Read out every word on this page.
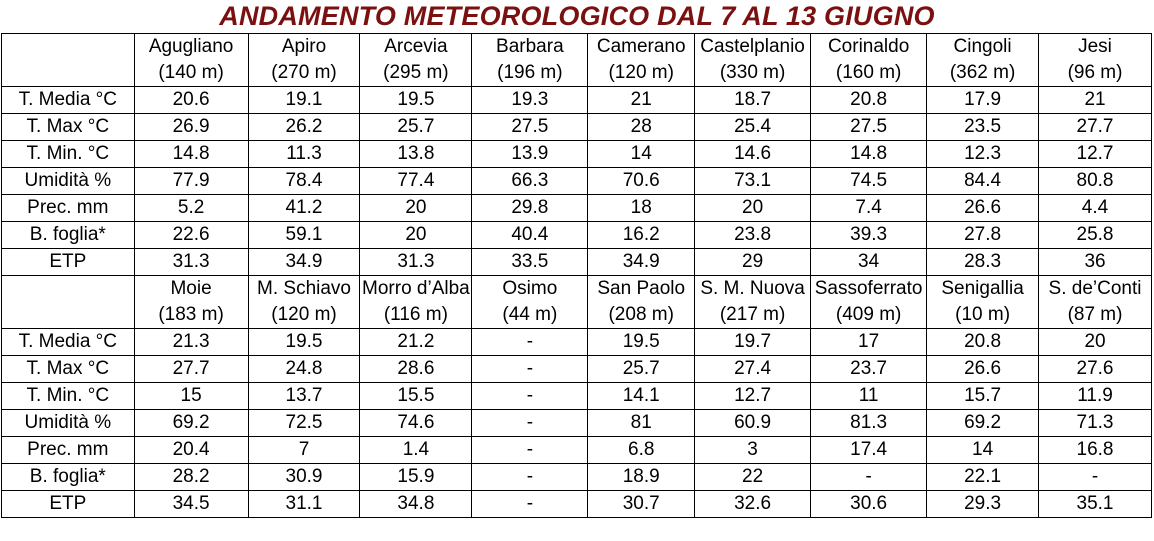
ANDAMENTO METEOROLOGICO DAL 7 AL 13 GIUGNO
	Agugliano	Apiro	Arcevia	Barbara	Camerano	Castelplanio	Corinaldo	Cingoli	Jesi
	(140 m)	(270 m)	(295 m)	(196 m)	(120 m)	(330 m)	(160 m)	(362 m)	(96 m)
T. Media °C	20.6	19.1	19.5	19.3	21	18.7	20.8	17.9	21
T. Max °C	26.9	26.2	25.7	27.5	28	25.4	27.5	23.5	27.7
T. Min. °C	14.8	11.3	13.8	13.9	14	14.6	14.8	12.3	12.7
Umidità %	77.9	78.4	77.4	66.3	70.6	73.1	74.5	84.4	80.8
Prec. mm	5.2	41.2	20	29.8	18	20	7.4	26.6	4.4
B. foglia*	22.6	59.1	20	40.4	16.2	23.8	39.3	27.8	25.8
ETP	31.3	34.9	31.3	33.5	34.9	29	34	28.3	36
	Moie	M. Schiavo	Morro d’Alba	Osimo	San Paolo	S. M. Nuova	Sassoferrato	Senigallia	S. de’Conti
	(183 m)	(120 m)	(116 m)	(44 m)	(208 m)	(217 m)	(409 m)	(10 m)	(87 m)
T. Media °C	21.3	19.5	21.2	-	19.5	19.7	17	20.8	20
T. Max °C	27.7	24.8	28.6	-	25.7	27.4	23.7	26.6	27.6
T. Min. °C	15	13.7	15.5	-	14.1	12.7	11	15.7	11.9
Umidità %	69.2	72.5	74.6	-	81	60.9	81.3	69.2	71.3
Prec. mm	20.4	7	1.4	-	6.8	3	17.4	14	16.8
B. foglia*	28.2	30.9	15.9	-	18.9	22	-	22.1	-
ETP	34.5	31.1	34.8	-	30.7	32.6	30.6	29.3	35.1
